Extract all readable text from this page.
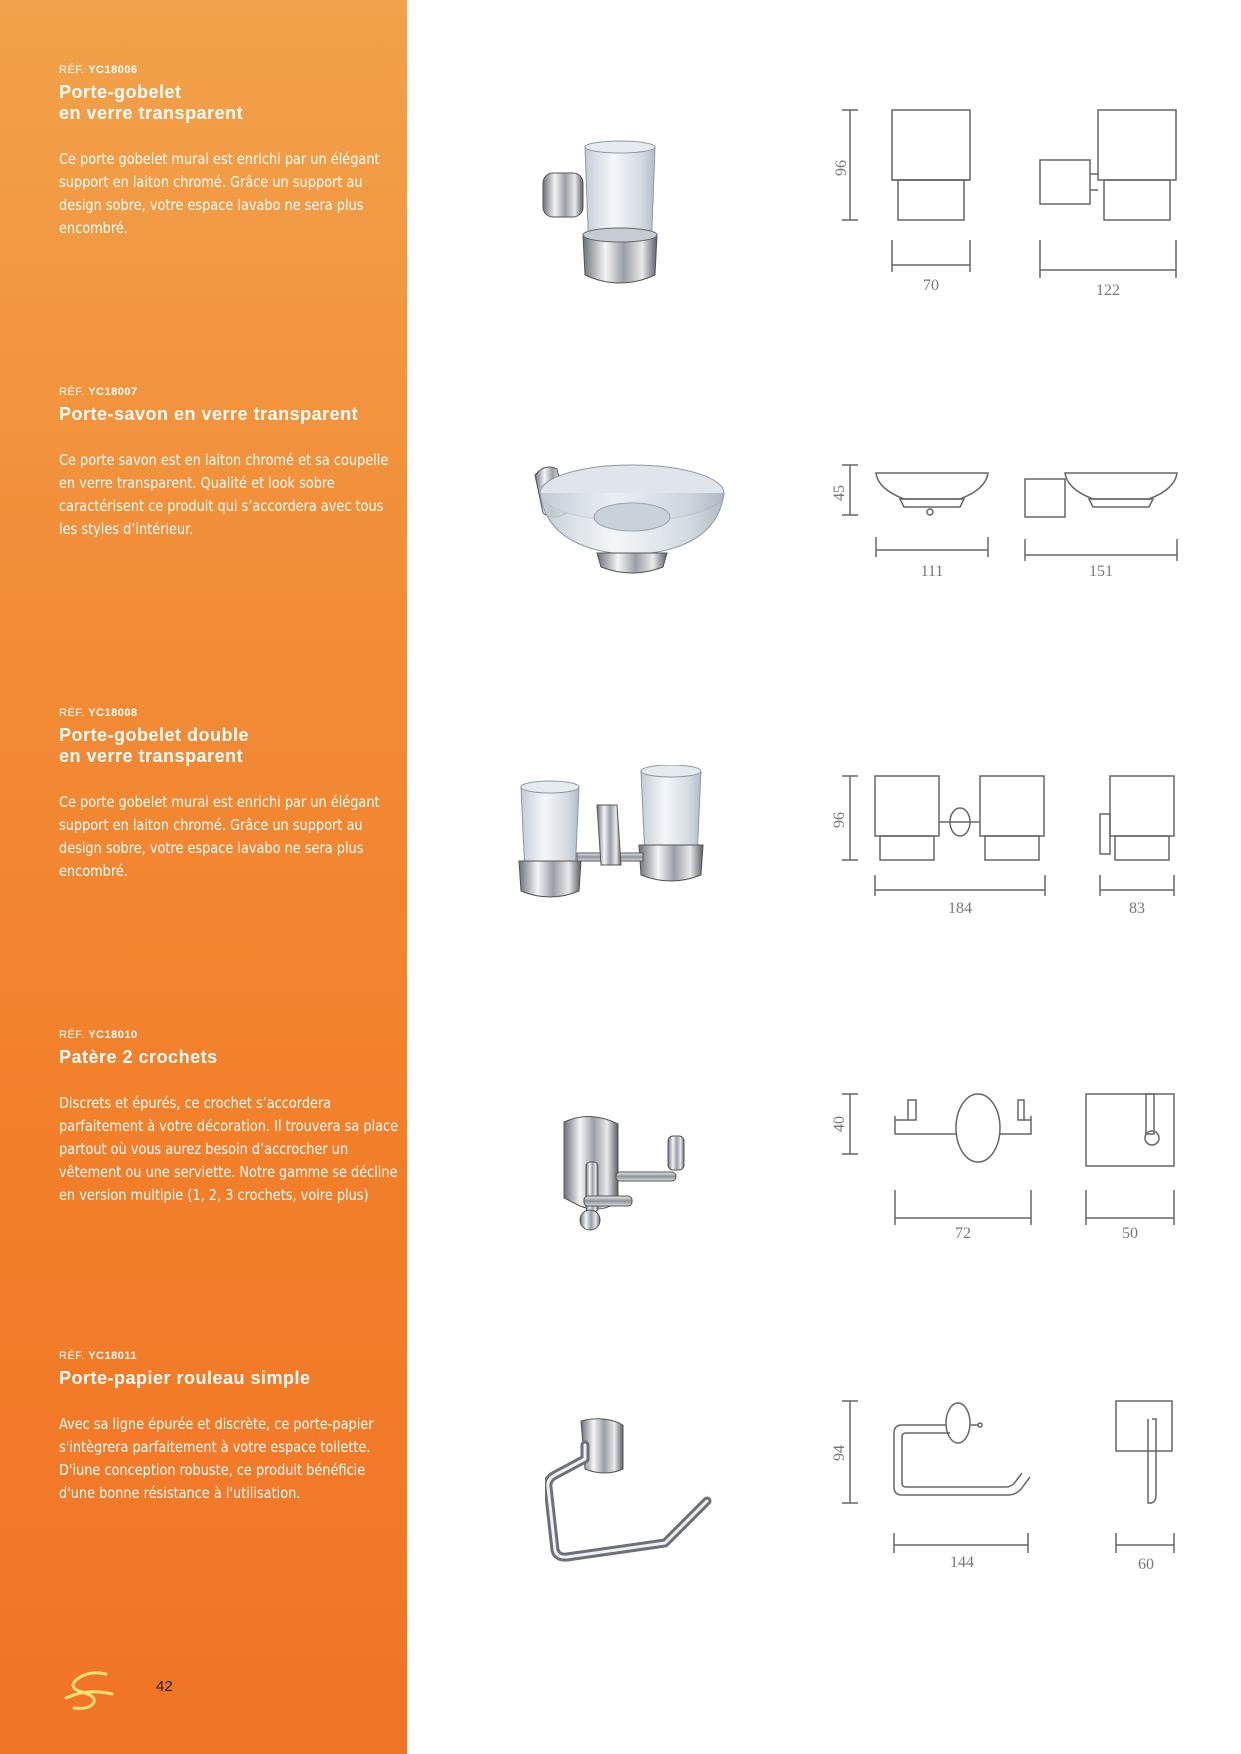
RÉF. YC18006
Porte-gobelet
en verre transparent
Ce porte gobelet mural est enrichi par un élégant support en laiton chromé. Grâce un support au design sobre, votre espace lavabo ne sera plus encombré.
RÉF. YC18007
Porte-savon en verre transparent
Ce porte savon est en laiton chromé et sa coupelle en verre transparent. Qualité et look sobre caractérisent ce produit qui s’accordera avec tous les styles d’intérieur.
RÉF. YC18008
Porte-gobelet double
en verre transparent
Ce porte gobelet mural est enrichi par un élégant support en laiton chromé. Grâce un support au design sobre, votre espace lavabo ne sera plus encombré.
RÉF. YC18010
Patère 2 crochets
Discrets et épurés, ce crochet s’accordera parfaitement à votre décoration. Il trouvera sa place partout où vous aurez besoin d’accrocher un vêtement ou une serviette. Notre gamme se décline en version multiple (1, 2, 3 crochets, voire plus)
RÉF. YC18011
Porte-papier rouleau simple
Avec sa ligne épurée et discrète, ce porte-papier s'intègrera parfaitement à votre espace toilette. D'iune conception robuste, ce produit bénéficie d'une bonne résistance à l'utilisation.
96
70	122
45
111	151
96
184	83
40
72	50
94
144	60
42
